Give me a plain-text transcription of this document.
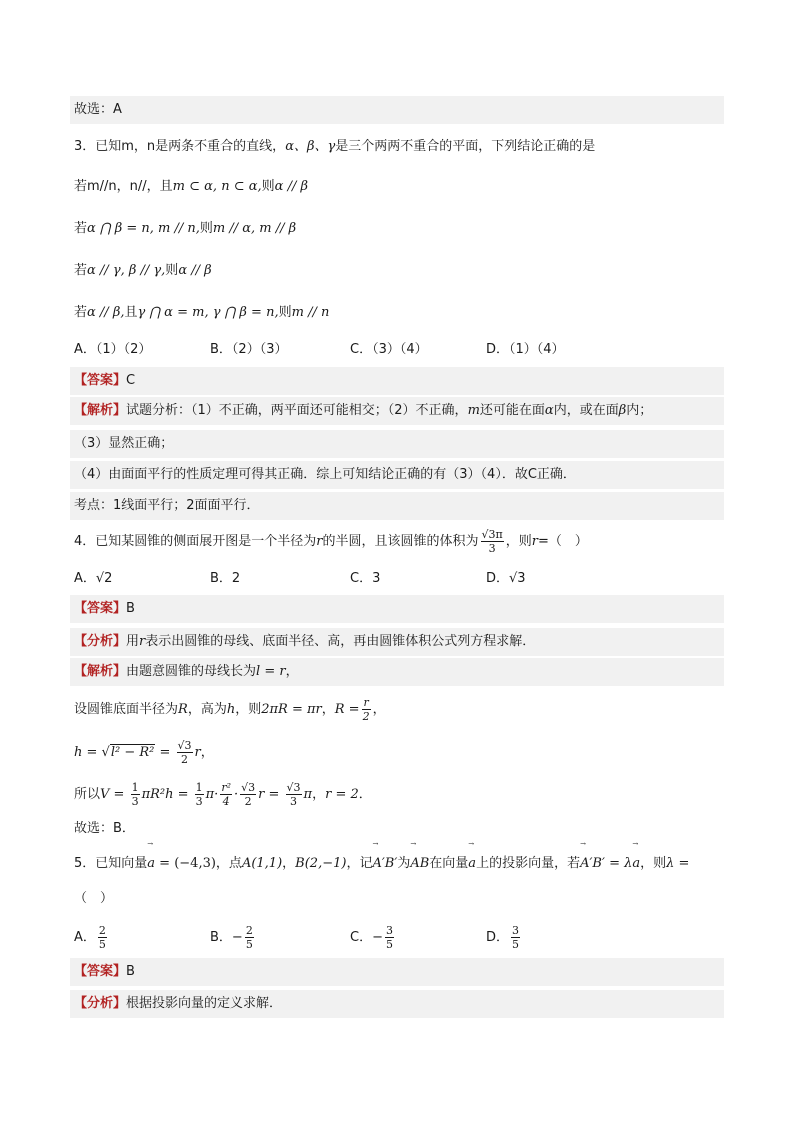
故选：A
3．已知m，n是两条不重合的直线，α、β、γ是三个两两不重合的平面，下列结论正确的是
若m//n，n//，且m ⊂ α, n ⊂ α,则α // β
若α ⋂ β = n, m // n,则m // α, m // β
若α // γ, β // γ,则α // β
若α // β,且γ ⋂ α = m, γ ⋂ β = n,则m // n
A．（1）（2）	B．（2）（3）	C．（3）（4）	D．（1）（4）
【答案】C
【解析】试题分析：（1）不正确，两平面还可能相交；（2）不正确，m还可能在面α内，或在面β内；
（3）显然正确；
（4）由面面平行的性质定理可得其正确．综上可知结论正确的有（3）（4）．故C正确．
考点：1线面平行；2面面平行．
4．已知某圆锥的侧面展开图是一个半径为r的半圆，且该圆锥的体积为 $\frac{√3\pi}{3}$ ，则r=（　）
A．√2	B．2	C．3	D．√3
【答案】B
【分析】用r表示出圆锥的母线、底面半径、高，再由圆锥体积公式列方程求解．
【解析】由题意圆锥的母线长为l = r，
设圆锥底面半径为R，高为h，则2πR = πr，$R = \frac{r}{2}$ ，
$h = √l^2 - R^2 = \frac{√3}{2}$ r，
所以$V = \frac{1}{3} \pi R^2h = \frac{1}{3} \pi\cdot \frac{\text{r²}}{4} \cdot \frac{√3}{2}$ $r = \frac{√3}{3}$ π，r = 2．
故选：B．
5．已知向量→ a = (−4,3)，点A(1,1)，B(2,−1)，记→ A′B′为→ AB在向量→ a上的投影向量，若→ A′B′ = λ→ a，则λ =
（　）
A． $\frac{2}{5}$	B．− $\frac{2}{5}$	C．− $\frac{3}{5}$	D． $\frac{3}{5}$
【答案】B
【分析】根据投影向量的定义求解．
